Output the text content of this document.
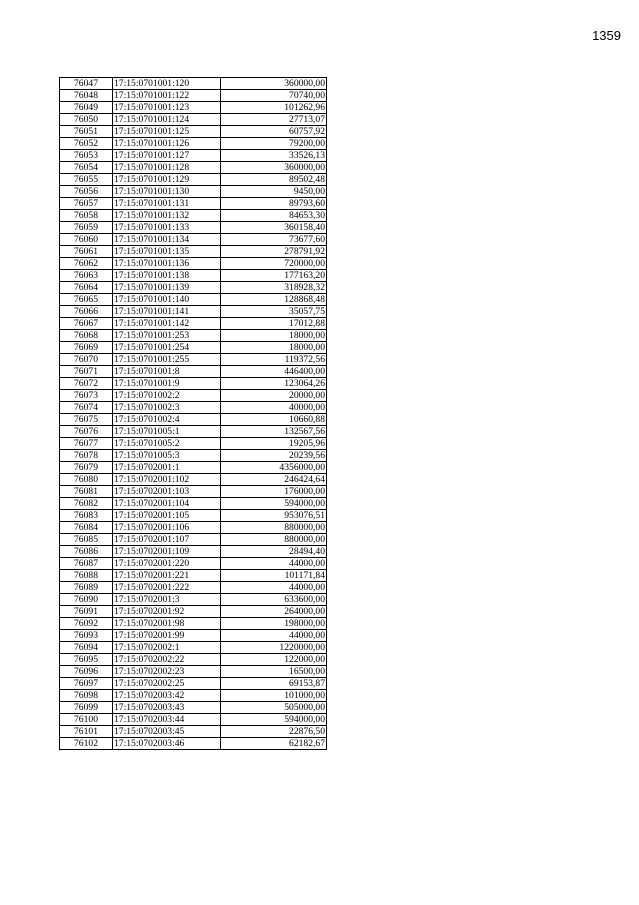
1359
76047	17:15:0701001:120	360000,00
76048	17:15:0701001:122	70740,00
76049	17:15:0701001:123	101262,96
76050	17:15:0701001:124	27713,07
76051	17:15:0701001:125	60757,92
76052	17:15:0701001:126	79200,00
76053	17:15:0701001:127	33526,13
76054	17:15:0701001:128	360000,00
76055	17:15:0701001:129	89502,48
76056	17:15:0701001:130	9450,00
76057	17:15:0701001:131	89793,60
76058	17:15:0701001:132	84653,30
76059	17:15:0701001:133	360158,40
76060	17:15:0701001:134	73677,60
76061	17:15:0701001:135	278791,92
76062	17:15:0701001:136	720000,00
76063	17:15:0701001:138	177163,20
76064	17:15:0701001:139	318928,32
76065	17:15:0701001:140	128868,48
76066	17:15:0701001:141	35057,75
76067	17:15:0701001:142	17012,88
76068	17:15:0701001:253	18000,00
76069	17:15:0701001:254	18000,00
76070	17:15:0701001:255	119372,56
76071	17:15:0701001:8	446400,00
76072	17:15:0701001:9	123064,26
76073	17:15:0701002:2	20000,00
76074	17:15:0701002:3	40000,00
76075	17:15:0701002:4	10660,88
76076	17:15:0701005:1	132567,56
76077	17:15:0701005:2	19205,96
76078	17:15:0701005:3	20239,56
76079	17:15:0702001:1	4356000,00
76080	17:15:0702001:102	246424,64
76081	17:15:0702001:103	176000,00
76082	17:15:0702001:104	594000,00
76083	17:15:0702001:105	953076,51
76084	17:15:0702001:106	880000,00
76085	17:15:0702001:107	880000,00
76086	17:15:0702001:109	28494,40
76087	17:15:0702001:220	44000,00
76088	17:15:0702001:221	101171,84
76089	17:15:0702001:222	44000,00
76090	17:15:0702001:3	633600,00
76091	17:15:0702001:92	264000,00
76092	17:15:0702001:98	198000,00
76093	17:15:0702001:99	44000,00
76094	17:15:0702002:1	1220000,00
76095	17:15:0702002:22	122000,00
76096	17:15:0702002:23	16500,00
76097	17:15:0702002:25	69153,87
76098	17:15:0702003:42	101000,00
76099	17:15:0702003:43	505000,00
76100	17:15:0702003:44	594000,00
76101	17:15:0702003:45	22876,50
76102	17:15:0702003:46	62182,67
